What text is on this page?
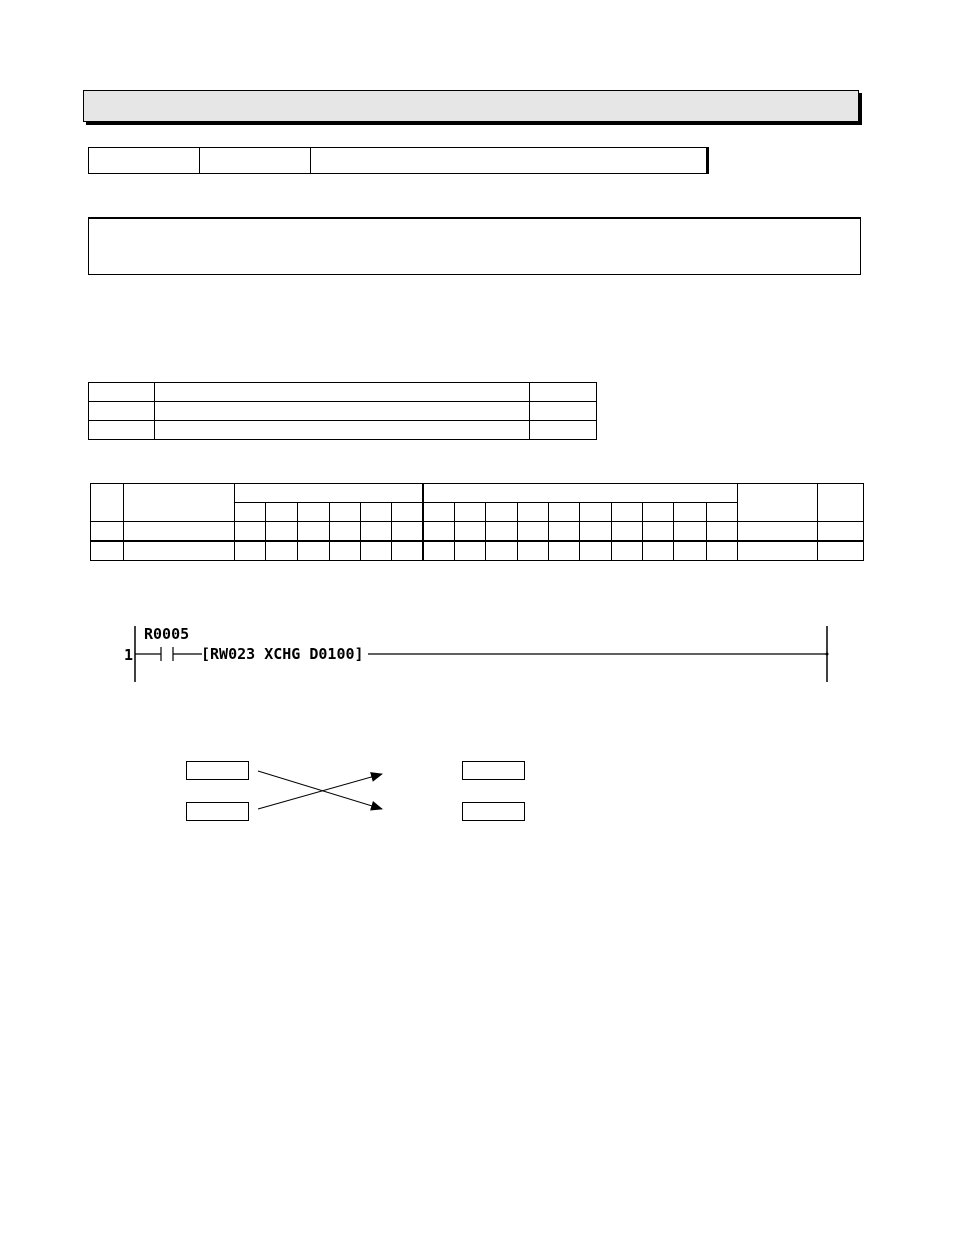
1

R0005

[RW023 XCHG D0100]
